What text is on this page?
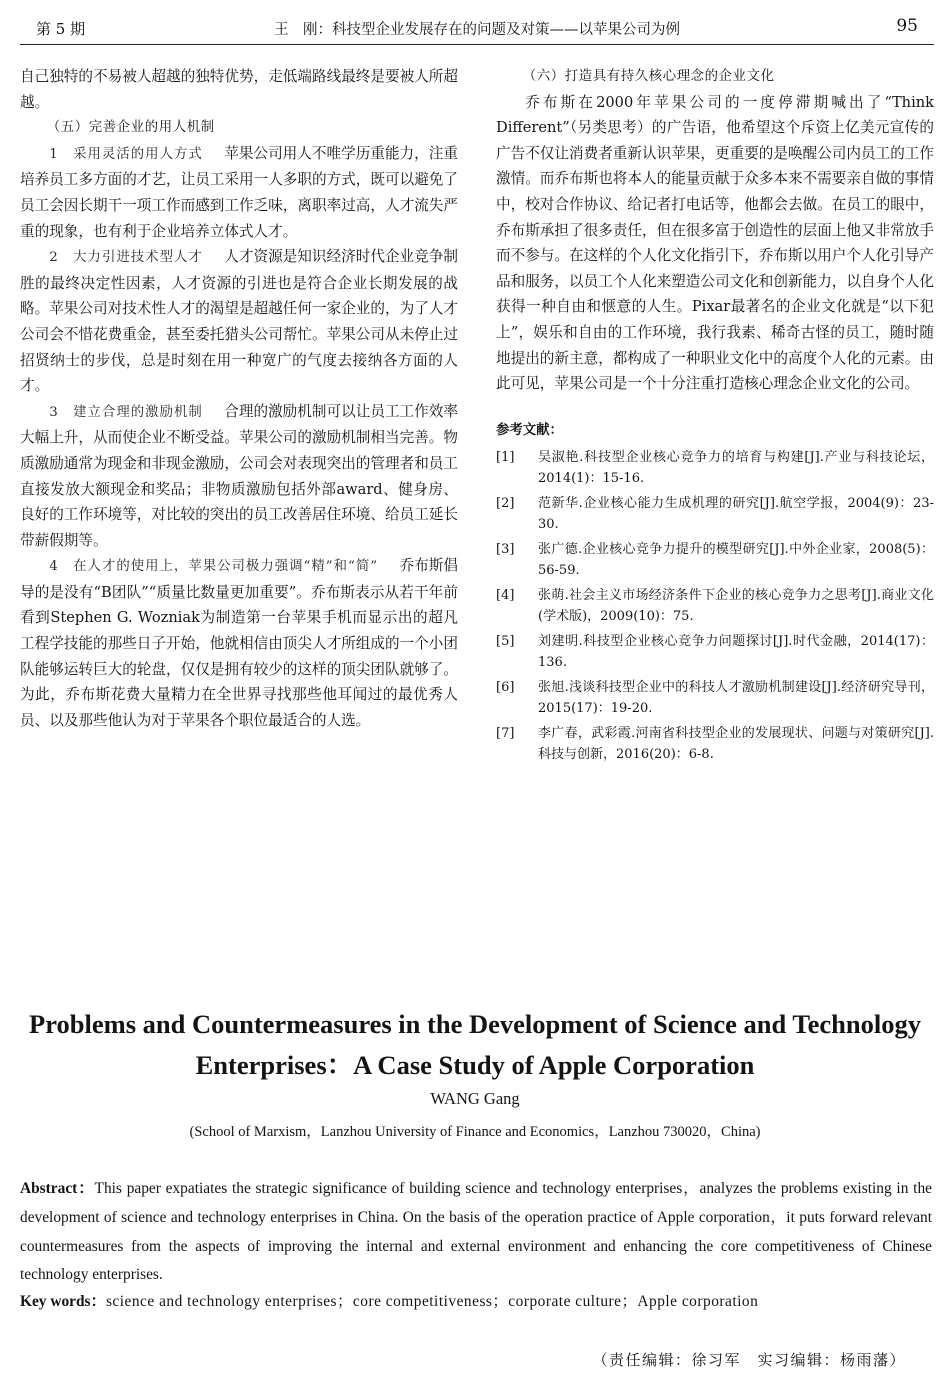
第 5 期	王　刚：科技型企业发展存在的问题及对策——以苹果公司为例	95

自己独特的不易被人超越的独特优势，走低端路线最终是要被人所超越。

（五）完善企业的用人机制

1　采用灵活的用人方式 苹果公司用人不唯学历重能力，注重培养员工多方面的才艺，让员工采用一人多职的方式，既可以避免了员工会因长期干一项工作而感到工作乏味，离职率过高，人才流失严重的现象，也有利于企业培养立体式人才。

2　大力引进技术型人才 人才资源是知识经济时代企业竞争制胜的最终决定性因素，人才资源的引进也是符合企业长期发展的战略。苹果公司对技术性人才的渴望是超越任何一家企业的，为了人才公司会不惜花费重金，甚至委托猎头公司帮忙。苹果公司从未停止过招贤纳士的步伐，总是时刻在用一种宽广的气度去接纳各方面的人才。

3　建立合理的激励机制 合理的激励机制可以让员工工作效率大幅上升，从而使企业不断受益。苹果公司的激励机制相当完善。物质激励通常为现金和非现金激励，公司会对表现突出的管理者和员工直接发放大额现金和奖品；非物质激励包括外部award、健身房、良好的工作环境等，对比较的突出的员工改善居住环境、给员工延长带薪假期等。

4　在人才的使用上，苹果公司极力强调“精”和“简” 乔布斯倡导的是没有“B团队”“质量比数量更加重要”。乔布斯表示从若干年前看到Stephen G. Wozniak为制造第一台苹果手机而显示出的超凡工程学技能的那些日子开始，他就相信由顶尖人才所组成的一个小团队能够运转巨大的轮盘，仅仅是拥有较少的这样的顶尖团队就够了。为此，乔布斯花费大量精力在全世界寻找那些他耳闻过的最优秀人员、以及那些他认为对于苹果各个职位最适合的人选。

（六）打造具有持久核心理念的企业文化

乔布斯在2000年苹果公司的一度停滞期喊出了“Think Different”（另类思考）的广告语，他希望这个斥资上亿美元宣传的广告不仅让消费者重新认识苹果，更重要的是唤醒公司内员工的工作激情。而乔布斯也将本人的能量贡献于众多本来不需要亲自做的事情中，校对合作协议、给记者打电话等，他都会去做。在员工的眼中，乔布斯承担了很多责任，但在很多富于创造性的层面上他又非常放手而不参与。在这样的个人化文化指引下，乔布斯以用户个人化引导产品和服务，以员工个人化来塑造公司文化和创新能力，以自身个人化获得一种自由和惬意的人生。Pixar最著名的企业文化就是“以下犯上”，娱乐和自由的工作环境，我行我素、稀奇古怪的员工，随时随地提出的新主意，都构成了一种职业文化中的高度个人化的元素。由此可见，苹果公司是一个十分注重打造核心理念企业文化的公司。

参考文献：
[1] 吴淑艳.科技型企业核心竞争力的培育与构建[J].产业与科技论坛，2014(1)：15-16.
[2] 范新华.企业核心能力生成机理的研究[J].航空学报，2004(9)：23-30.
[3] 张广德.企业核心竞争力提升的模型研究[J].中外企业家，2008(5)：56-59.
[4] 张萌.社会主义市场经济条件下企业的核心竞争力之思考[J].商业文化(学术版)，2009(10)：75.
[5] 刘建明.科技型企业核心竞争力问题探讨[J].时代金融，2014(17)：136.
[6] 张旭.浅谈科技型企业中的科技人才激励机制建设[J].经济研究导刊，2015(17)：19-20.
[7] 李广春，武彩霞.河南省科技型企业的发展现状、问题与对策研究[J].科技与创新，2016(20)：6-8.
Problems and Countermeasures in the Development of Science and Technology Enterprises：A Case Study of Apple Corporation
WANG Gang
(School of Marxism，Lanzhou University of Finance and Economics，Lanzhou 730020，China)
Abstract：This paper expatiates the strategic significance of building science and technology enterprises，analyzes the problems existing in the development of science and technology enterprises in China. On the basis of the operation practice of Apple corporation，it puts forward relevant countermeasures from the aspects of improving the internal and external environment and enhancing the core competitiveness of Chinese technology enterprises.
Key words：science and technology enterprises；core competitiveness；corporate culture；Apple corporation
（责任编辑：徐习军　实习编辑：杨雨藩）
